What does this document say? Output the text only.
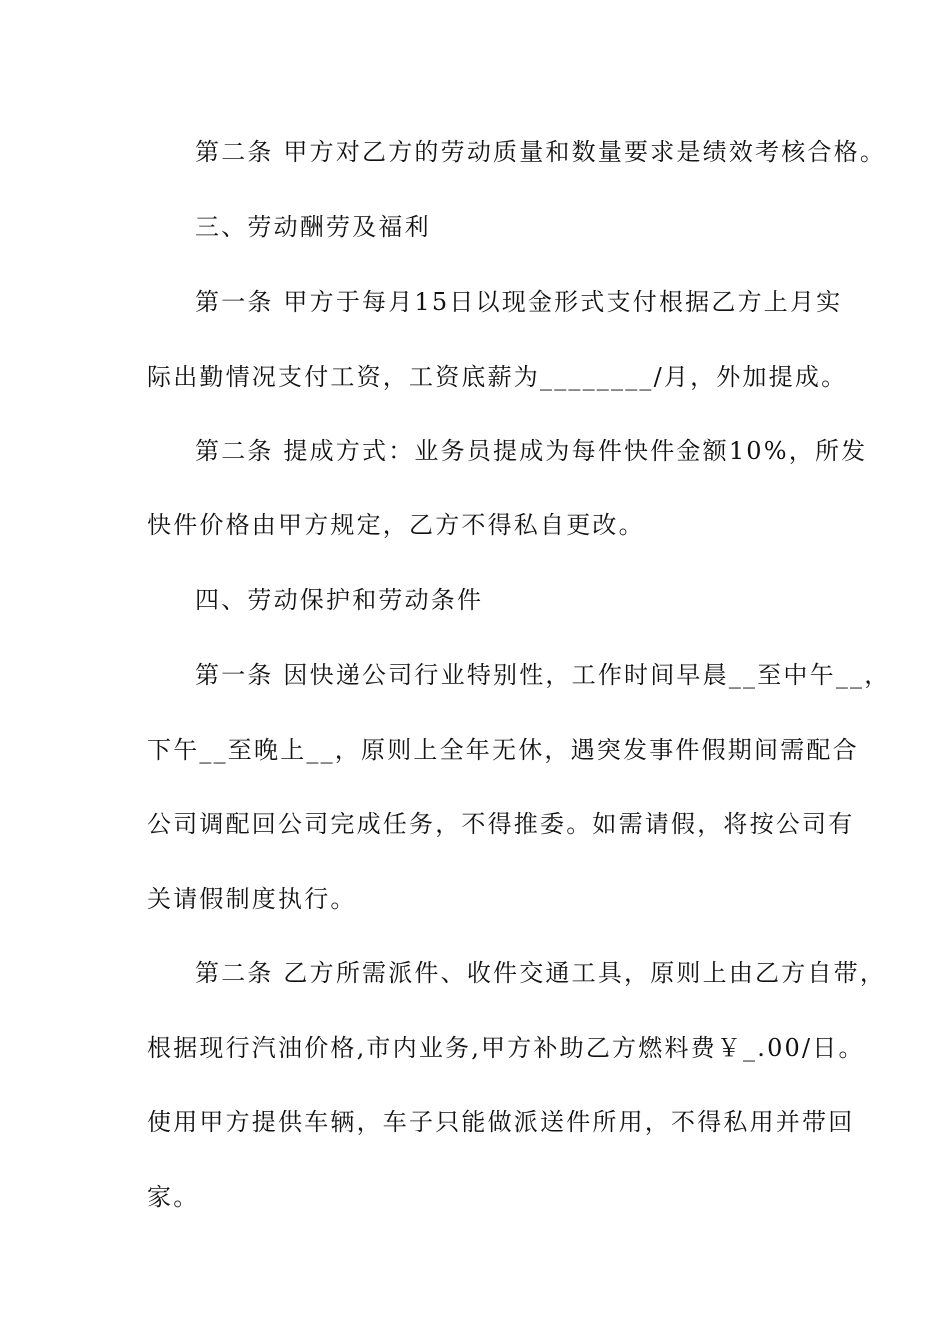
第二条 甲方对乙方的劳动质量和数量要求是绩效考核合格。
三、劳动酬劳及福利
第一条 甲方于每月15日以现金形式支付根据乙方上月实
际出勤情况支付工资，工资底薪为________/月，外加提成。
第二条 提成方式：业务员提成为每件快件金额10%，所发
快件价格由甲方规定，乙方不得私自更改。
四、劳动保护和劳动条件
第一条 因快递公司行业特别性，工作时间早晨__至中午__，
下午__至晚上__，原则上全年无休，遇突发事件假期间需配合
公司调配回公司完成任务，不得推委。如需请假，将按公司有
关请假制度执行。
第二条 乙方所需派件、收件交通工具，原则上由乙方自带，
根据现行汽油价格,市内业务,甲方补助乙方燃料费￥_.00/日。
使用甲方提供车辆，车子只能做派送件所用，不得私用并带回
家。
